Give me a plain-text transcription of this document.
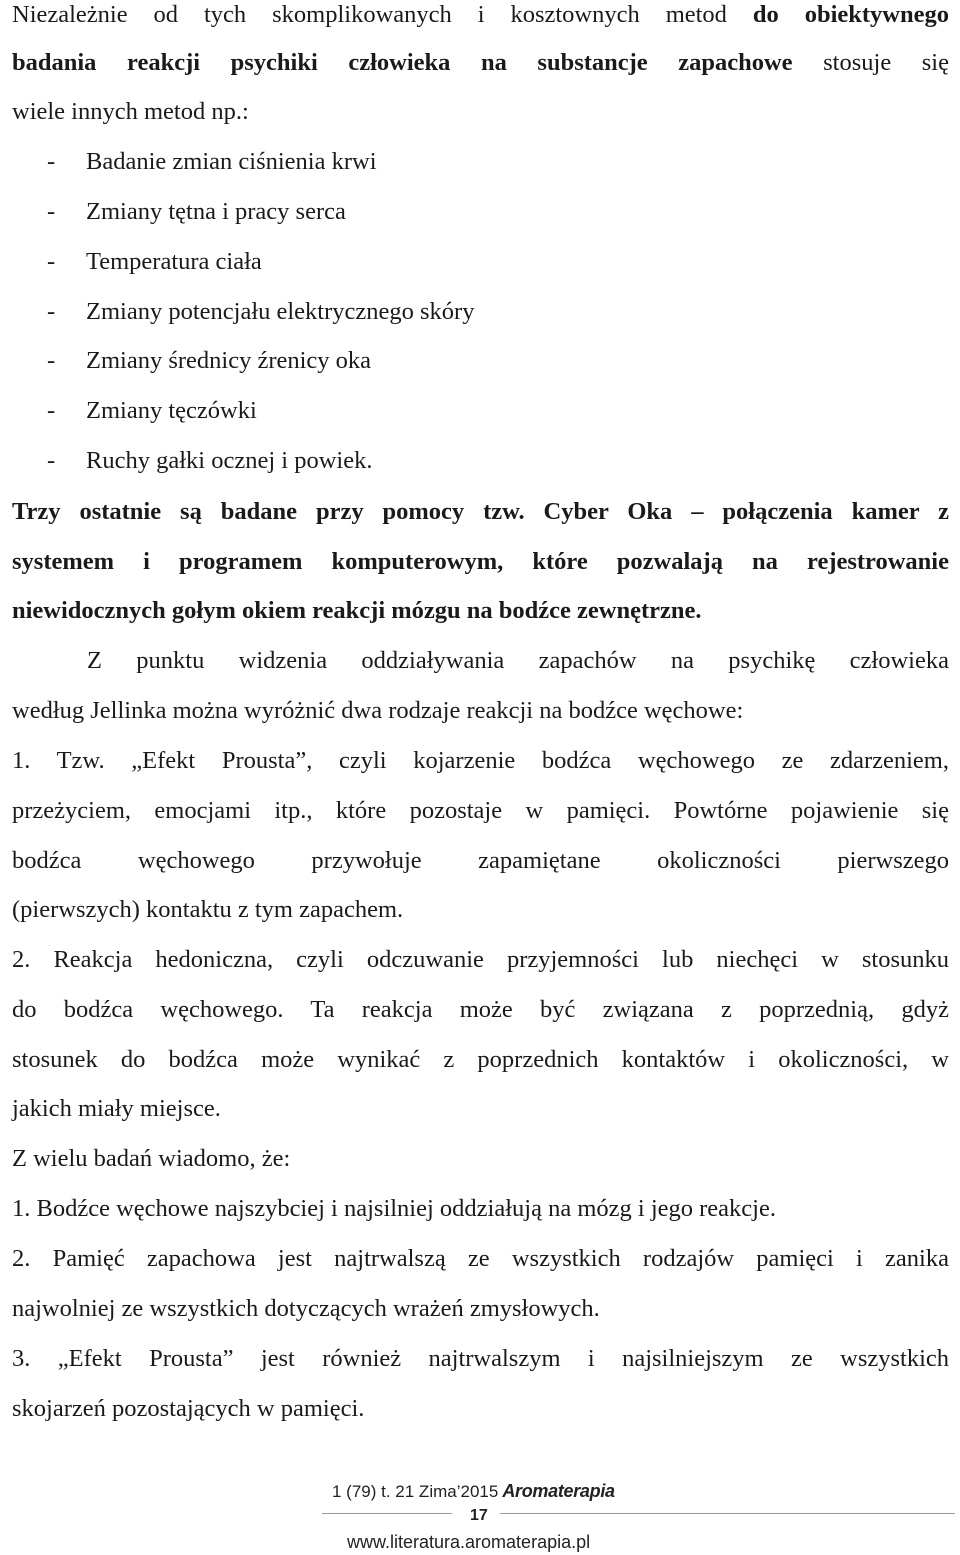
Niezależnie od tych skomplikowanych i kosztownych metod do obiektywnego
badania reakcji psychiki człowieka na substancje zapachowe stosuje się
wiele innych metod np.:
- Badanie zmian ciśnienia krwi
- Zmiany tętna i pracy serca
- Temperatura ciała
- Zmiany potencjału elektrycznego skóry
- Zmiany średnicy źrenicy oka
- Zmiany tęczówki
- Ruchy gałki ocznej i powiek.
Trzy ostatnie są badane przy pomocy tzw. Cyber Oka – połączenia kamer z
systemem i programem komputerowym, które pozwalają na rejestrowanie
niewidocznych gołym okiem reakcji mózgu na bodźce zewnętrzne.
Z punktu widzenia oddziaływania zapachów na psychikę człowieka
według Jellinka można wyróżnić dwa rodzaje reakcji na bodźce węchowe:
1. Tzw. „Efekt Prousta”, czyli kojarzenie bodźca węchowego ze zdarzeniem,
przeżyciem, emocjami itp., które pozostaje w pamięci. Powtórne pojawienie się
bodźca węchowego przywołuje zapamiętane okoliczności pierwszego
(pierwszych) kontaktu z tym zapachem.
2. Reakcja hedoniczna, czyli odczuwanie przyjemności lub niechęci w stosunku
do bodźca węchowego. Ta reakcja może być związana z poprzednią, gdyż
stosunek do bodźca może wynikać z poprzednich kontaktów i okoliczności, w
jakich miały miejsce.
Z wielu badań wiadomo, że:
1. Bodźce węchowe najszybciej i najsilniej oddziałują na mózg i jego reakcje.
2. Pamięć zapachowa jest najtrwalszą ze wszystkich rodzajów pamięci i zanika
najwolniej ze wszystkich dotyczących wrażeń zmysłowych.
3. „Efekt Prousta” jest również najtrwalszym i najsilniejszym ze wszystkich
skojarzeń pozostających w pamięci.
1 (79) t. 21 Zima’2015 Aromaterapia
17
www.literatura.aromaterapia.pl
